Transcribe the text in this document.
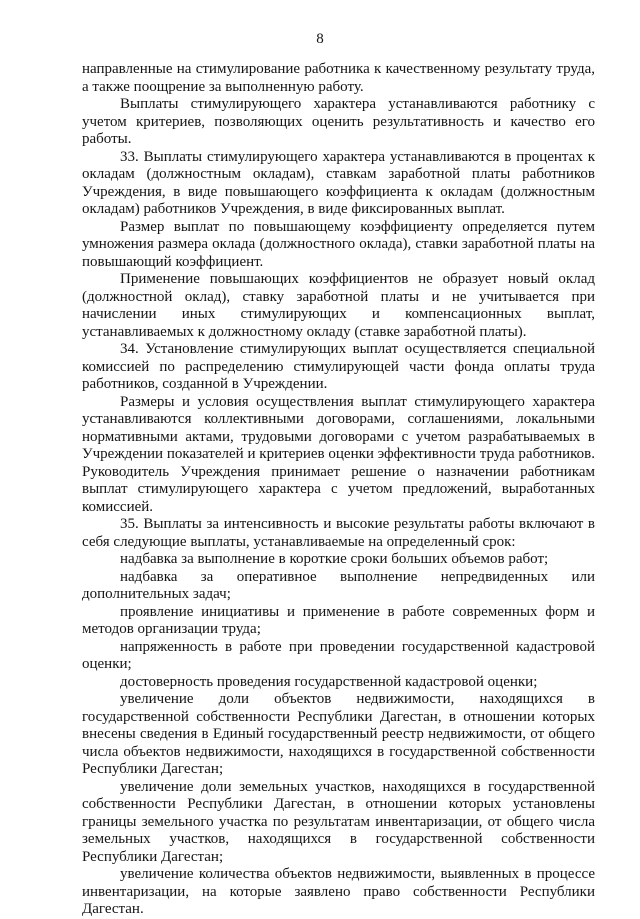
8

направленные на стимулирование работника к качественному результату труда, а также поощрение за выполненную работу.

Выплаты стимулирующего характера устанавливаются работнику с учетом критериев, позволяющих оценить результативность и качество его работы.

33. Выплаты стимулирующего характера устанавливаются в процентах к окладам (должностным окладам), ставкам заработной платы работников Учреждения, в виде повышающего коэффициента к окладам (должностным окладам) работников Учреждения, в виде фиксированных выплат.

Размер выплат по повышающему коэффициенту определяется путем умножения размера оклада (должностного оклада), ставки заработной платы на повышающий коэффициент.

Применение повышающих коэффициентов не образует новый оклад (должностной оклад), ставку заработной платы и не учитывается при начислении иных стимулирующих и компенсационных выплат, устанавливаемых к должностному окладу (ставке заработной платы).

34. Установление стимулирующих выплат осуществляется специальной комиссией по распределению стимулирующей части фонда оплаты труда работников, созданной в Учреждении.

Размеры и условия осуществления выплат стимулирующего характера устанавливаются коллективными договорами, соглашениями, локальными нормативными актами, трудовыми договорами с учетом разрабатываемых в Учреждении показателей и критериев оценки эффективности труда работников. Руководитель Учреждения принимает решение о назначении работникам выплат стимулирующего характера с учетом предложений, выработанных комиссией.

35. Выплаты за интенсивность и высокие результаты работы включают в себя следующие выплаты, устанавливаемые на определенный срок:

надбавка за выполнение в короткие сроки больших объемов работ;

надбавка за оперативное выполнение непредвиденных или дополнительных задач;

проявление инициативы и применение в работе современных форм и методов организации труда;

напряженность в работе при проведении государственной кадастровой оценки;

достоверность проведения государственной кадастровой оценки;

увеличение доли объектов недвижимости, находящихся в государственной собственности Республики Дагестан, в отношении которых внесены сведения в Единый государственный реестр недвижимости, от общего числа объектов недвижимости, находящихся в государственной собственности Республики Дагестан;

увеличение доли земельных участков, находящихся в государственной собственности Республики Дагестан, в отношении которых установлены границы земельного участка по результатам инвентаризации, от общего числа земельных участков, находящихся в государственной собственности Республики Дагестан;

увеличение количества объектов недвижимости, выявленных в процессе инвентаризации, на которые заявлено право собственности Республики Дагестан.
